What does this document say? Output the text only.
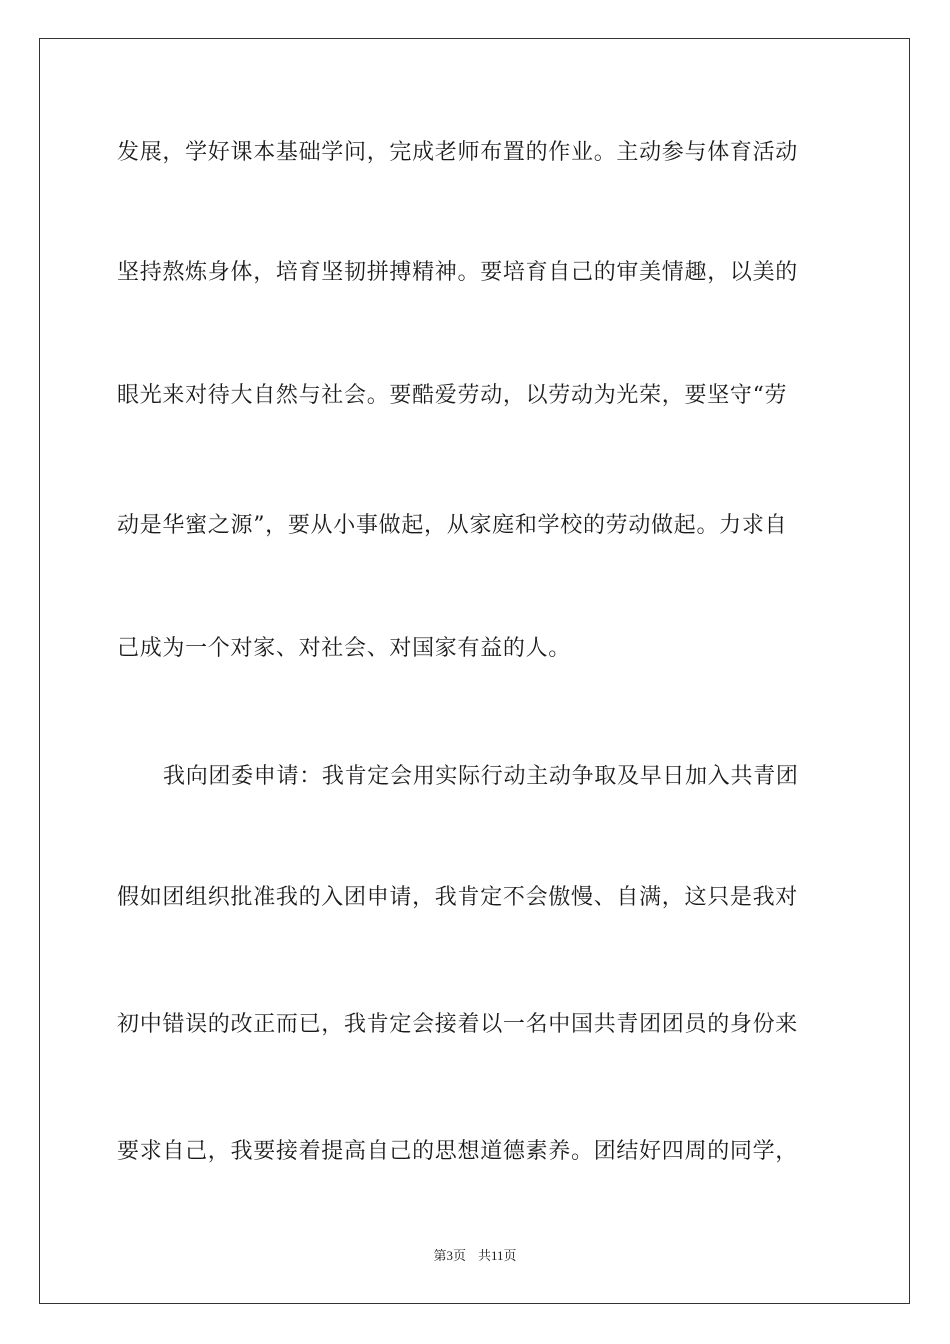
发展，学好课本基础学问，完成老师布置的作业。主动参与体育活动
坚持熬炼身体，培育坚韧拼搏精神。要培育自己的审美情趣，以美的
眼光来对待大自然与社会。要酷爱劳动，以劳动为光荣，要坚守“劳
动是华蜜之源”，要从小事做起，从家庭和学校的劳动做起。力求自
己成为一个对家、对社会、对国家有益的人。
我向团委申请：我肯定会用实际行动主动争取及早日加入共青团
假如团组织批准我的入团申请，我肯定不会傲慢、自满，这只是我对
初中错误的改正而已，我肯定会接着以一名中国共青团团员的身份来
要求自己，我要接着提高自己的思想道德素养。团结好四周的同学，
第3页 共11页
